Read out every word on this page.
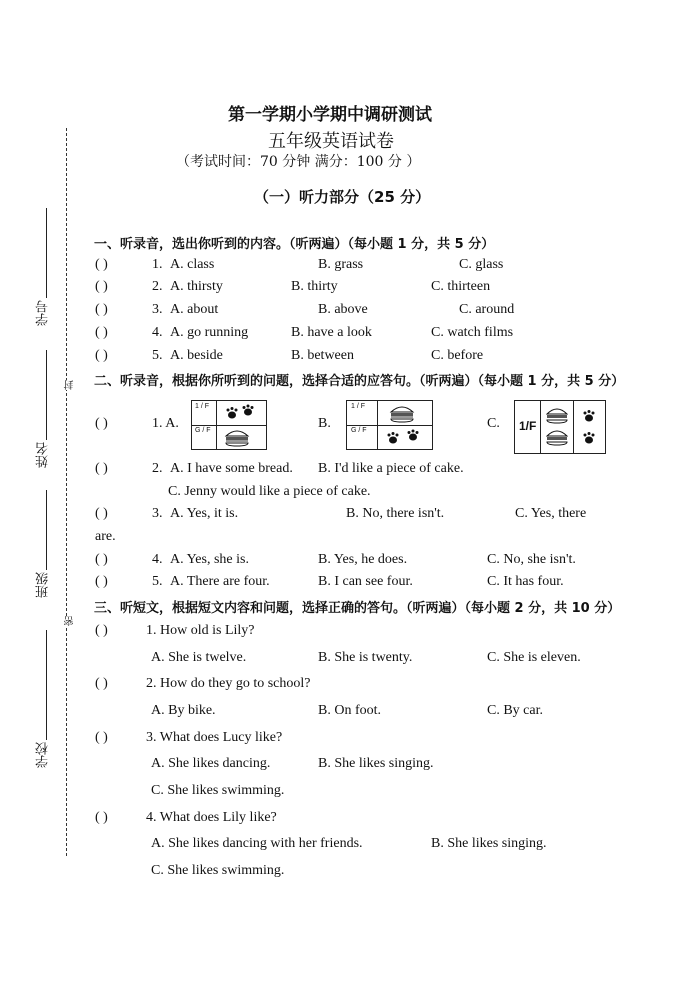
学号
封
姓名
班级
密
学校
第一学期小学期中调研测试
五年级英语试卷
（考试时间：70 分钟 满分：100 分 ）
（一）听力部分（25 分）
一、听录音，选出你听到的内容。（听两遍）（每小题 1 分，共 5 分）
( )	1. A. class	B. grass	C. glass
( )	2. A. thirsty	B. thirty	C. thirteen
( )	3. A. about	B. above	C. around
( )	4. A. go running	B. have a look	C. watch films
( )	5. A. beside	B. between	C. before
二、听录音，根据你所听到的问题，选择合适的应答句。（听两遍）（每小题 1 分，共 5 分）
( )	1. A.
1 / F
G / F	B.
1 / F
G / F	C. 1/F
( )	2. A. I have some bread. B. I'd like a piece of cake.
C. Jenny would like a piece of cake.
( )	3. A. Yes, it is.	B. No, there isn't.	C. Yes, there
are.
( )	4. A. Yes, she is.	B. Yes, he does.	C. No, she isn't.
( )	5. A. There are four.	B. I can see four.	C. It has four.
三、听短文，根据短文内容和问题，选择正确的答句。（听两遍）（每小题 2 分，共 10 分）
( )	1. How old is Lily?
A. She is twelve.	B. She is twenty.	C. She is eleven.
( )	2. How do they go to school?
A. By bike.	B. On foot.	C. By car.
( )	3. What does Lucy like?
A. She likes dancing.	B. She likes singing.
C. She likes swimming.
( )	4. What does Lily like?
A. She likes dancing with her friends.	B. She likes singing.
C. She likes swimming.
